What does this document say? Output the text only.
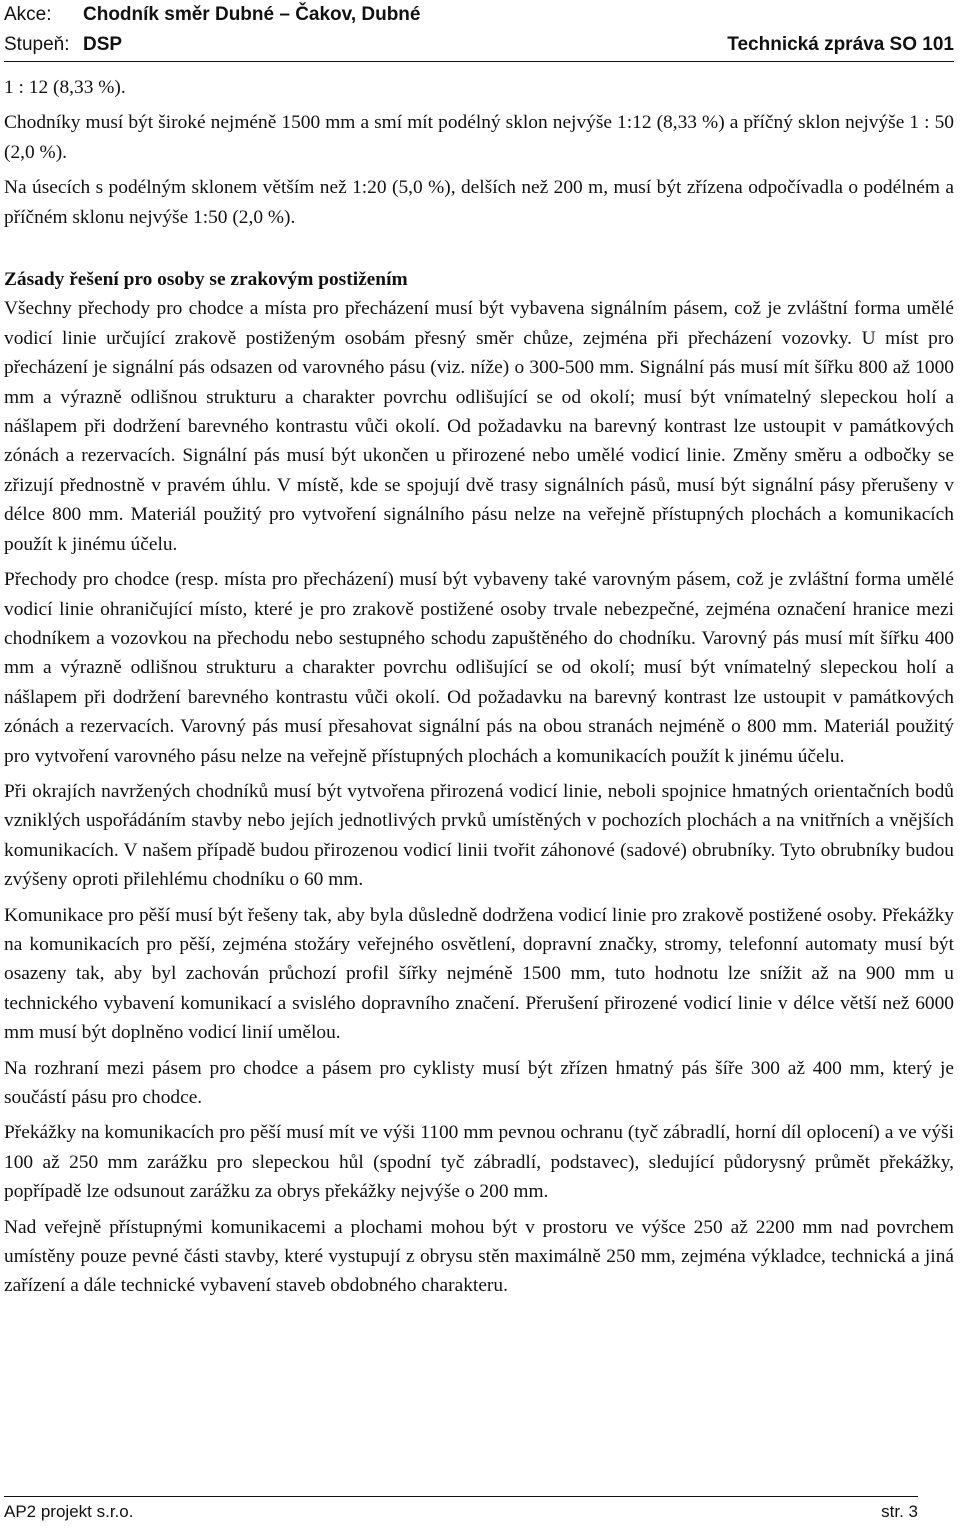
Akce: Chodník směr Dubné – Čakov, Dubné
Stupeň: DSP	Technická zpráva SO 101

1 : 12 (8,33 %).

Chodníky musí být široké nejméně 1500 mm a smí mít podélný sklon nejvýše 1:12 (8,33 %) a příčný sklon nejvýše 1 : 50 (2,0 %).

Na úsecích s podélným sklonem větším než 1:20 (5,0 %), delších než 200 m, musí být zřízena odpočívadla o podélném a příčném sklonu nejvýše 1:50 (2,0 %).

Zásady řešení pro osoby se zrakovým postižením

Všechny přechody pro chodce a místa pro přecházení musí být vybavena signálním pásem, což je zvláštní forma umělé vodicí linie určující zrakově postiženým osobám přesný směr chůze, zejména při přecházení vozovky. U míst pro přecházení je signální pás odsazen od varovného pásu (viz. níže) o 300-500 mm. Signální pás musí mít šířku 800 až 1000 mm a výrazně odlišnou strukturu a charakter povrchu odlišující se od okolí; musí být vnímatelný slepeckou holí a nášlapem při dodržení barevného kontrastu vůči okolí. Od požadavku na barevný kontrast lze ustoupit v památkových zónách a rezervacích. Signální pás musí být ukončen u přirozené nebo umělé vodicí linie. Změny směru a odbočky se zřizují přednostně v pravém úhlu. V místě, kde se spojují dvě trasy signálních pásů, musí být signální pásy přerušeny v délce 800 mm. Materiál použitý pro vytvoření signálního pásu nelze na veřejně přístupných plochách a komunikacích použít k jinému účelu.

Přechody pro chodce (resp. místa pro přecházení) musí být vybaveny také varovným pásem, což je zvláštní forma umělé vodicí linie ohraničující místo, které je pro zrakově postižené osoby trvale nebezpečné, zejména označení hranice mezi chodníkem a vozovkou na přechodu nebo sestupného schodu zapuštěného do chodníku. Varovný pás musí mít šířku 400 mm a výrazně odlišnou strukturu a charakter povrchu odlišující se od okolí; musí být vnímatelný slepeckou holí a nášlapem při dodržení barevného kontrastu vůči okolí. Od požadavku na barevný kontrast lze ustoupit v památkových zónách a rezervacích. Varovný pás musí přesahovat signální pás na obou stranách nejméně o 800 mm. Materiál použitý pro vytvoření varovného pásu nelze na veřejně přístupných plochách a komunikacích použít k jinému účelu.

Při okrajích navržených chodníků musí být vytvořena přirozená vodicí linie, neboli spojnice hmatných orientačních bodů vzniklých uspořádáním stavby nebo jejích jednotlivých prvků umístěných v pochozích plochách a na vnitřních a vnějších komunikacích. V našem případě budou přirozenou vodicí linii tvořit záhonové (sadové) obrubníky. Tyto obrubníky budou zvýšeny oproti přilehlému chodníku o 60 mm.

Komunikace pro pěší musí být řešeny tak, aby byla důsledně dodržena vodicí linie pro zrakově postižené osoby. Překážky na komunikacích pro pěší, zejména stožáry veřejného osvětlení, dopravní značky, stromy, telefonní automaty musí být osazeny tak, aby byl zachován průchozí profil šířky nejméně 1500 mm, tuto hodnotu lze snížit až na 900 mm u technického vybavení komunikací a svislého dopravního značení. Přerušení přirozené vodicí linie v délce větší než 6000 mm musí být doplněno vodicí linií umělou.

Na rozhraní mezi pásem pro chodce a pásem pro cyklisty musí být zřízen hmatný pás šíře 300 až 400 mm, který je součástí pásu pro chodce.

Překážky na komunikacích pro pěší musí mít ve výši 1100 mm pevnou ochranu (tyč zábradlí, horní díl oplocení) a ve výši 100 až 250 mm zarážku pro slepeckou hůl (spodní tyč zábradlí, podstavec), sledující půdorysný průmět překážky, popřípadě lze odsunout zarážku za obrys překážky nejvýše o 200 mm.

Nad veřejně přístupnými komunikacemi a plochami mohou být v prostoru ve výšce 250 až 2200 mm nad povrchem umístěny pouze pevné části stavby, které vystupují z obrysu stěn maximálně 250 mm, zejména výkladce, technická a jiná zařízení a dále technické vybavení staveb obdobného charakteru.

AP2 projekt s.r.o.	str. 3
